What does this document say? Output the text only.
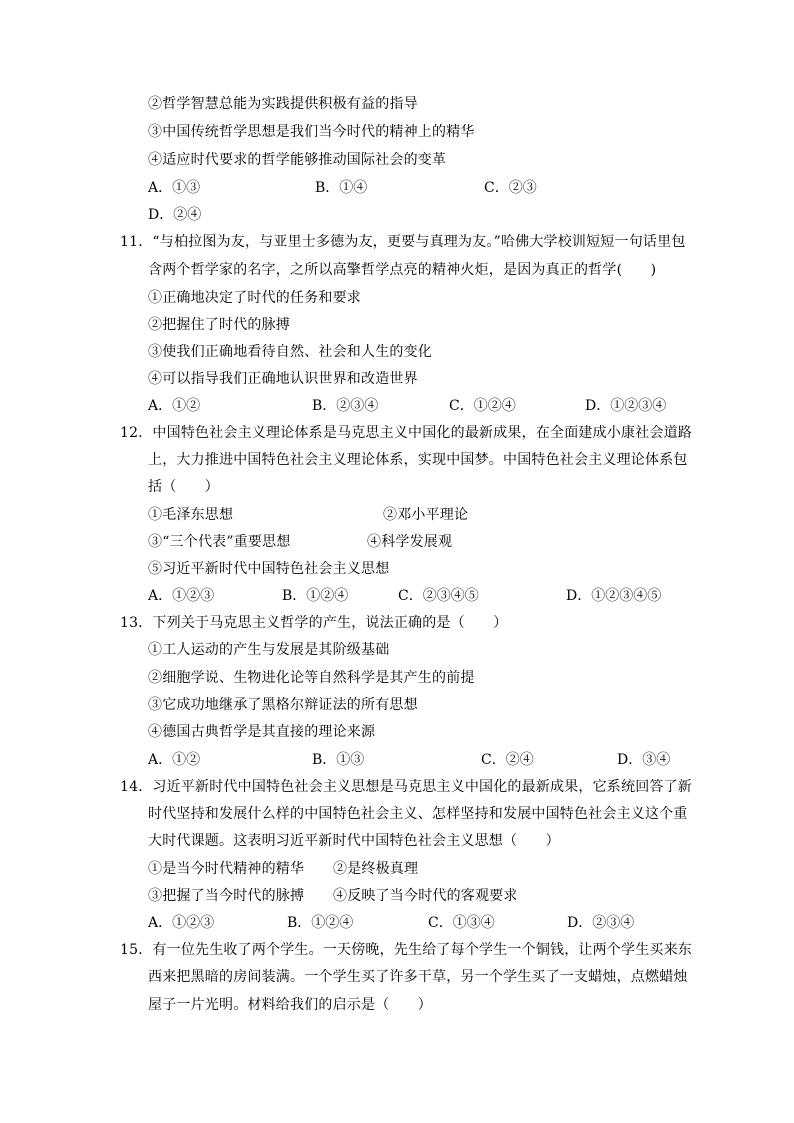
②哲学智慧总能为实践提供积极有益的指导
③中国传统哲学思想是我们当今时代的精神上的精华
④适应时代要求的哲学能够推动国际社会的变革
A．①③	B．①④	C．②③
D．②④
11．“与柏拉图为友，与亚里士多德为友，更要与真理为友。”哈佛大学校训短短一句话里包
含两个哲学家的名字，之所以高擎哲学点亮的精神火炬，是因为真正的哲学(　　)
①正确地决定了时代的任务和要求
②把握住了时代的脉搏
③使我们正确地看待自然、社会和人生的变化
④可以指导我们正确地认识世界和改造世界
A．①②	B．②③④	C．①②④	D．①②③④
12．中国特色社会主义理论体系是马克思主义中国化的最新成果，在全面建成小康社会道路
上，大力推进中国特色社会主义理论体系，实现中国梦。中国特色社会主义理论体系包
括（　　）
①毛泽东思想	②邓小平理论
③“三个代表”重要思想	④科学发展观
⑤习近平新时代中国特色社会主义思想
A．①②③	B．①②④	C．②③④⑤	D．①②③④⑤
13．下列关于马克思主义哲学的产生，说法正确的是（　　）
①工人运动的产生与发展是其阶级基础
②细胞学说、生物进化论等自然科学是其产生的前提
③它成功地继承了黑格尔辩证法的所有思想
④德国古典哲学是其直接的理论来源
A．①②	B．①③	C．②④	D．③④
14．习近平新时代中国特色社会主义思想是马克思主义中国化的最新成果，它系统回答了新
时代坚持和发展什么样的中国特色社会主义、怎样坚持和发展中国特色社会主义这个重
大时代课题。这表明习近平新时代中国特色社会主义思想（　　）
①是当今时代精神的精华 ②是终极真理
③把握了当今时代的脉搏 ④反映了当今时代的客观要求
A．①②③	B．①②④	C．①③④	D．②③④
15．有一位先生收了两个学生。一天傍晚，先生给了每个学生一个铜钱，让两个学生买来东
西来把黑暗的房间装满。一个学生买了许多干草，另一个学生买了一支蜡烛，点燃蜡烛
屋子一片光明。材料给我们的启示是（　　）
